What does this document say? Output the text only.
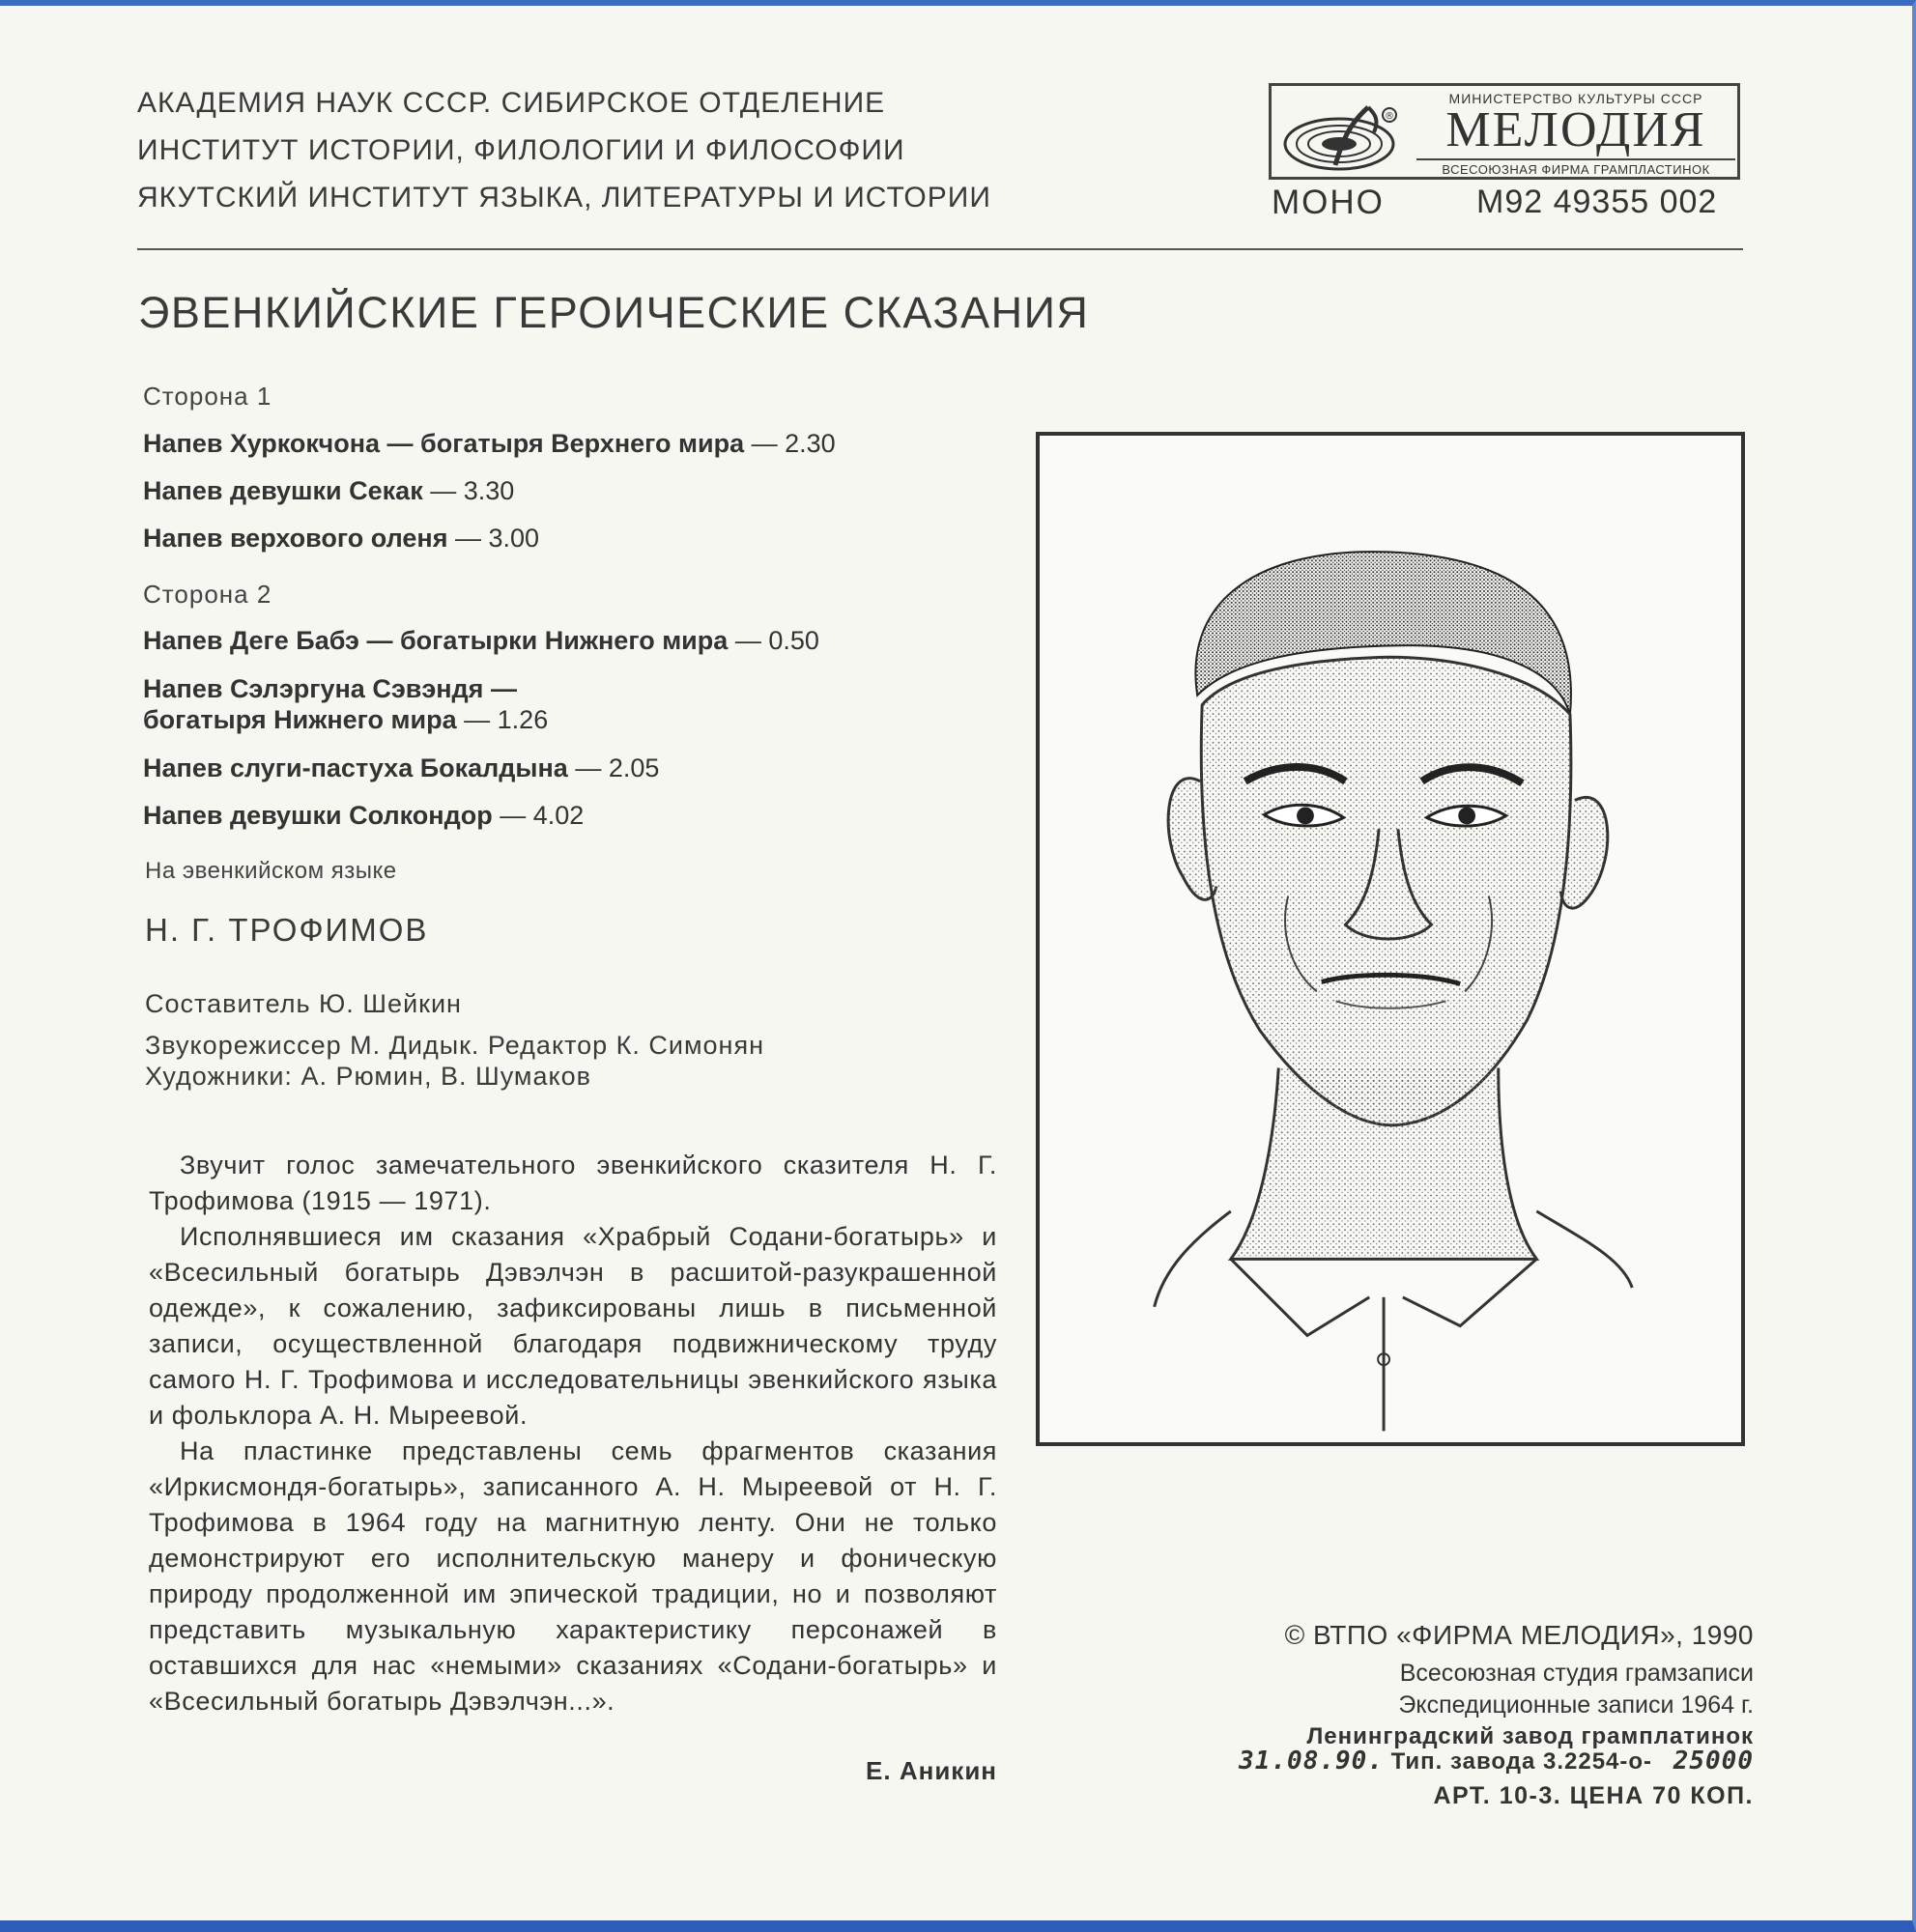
АКАДЕМИЯ НАУК СССР. СИБИРСКОЕ ОТДЕЛЕНИЕ
ИНСТИТУТ ИСТОРИИ, ФИЛОЛОГИИ И ФИЛОСОФИИ
ЯКУТСКИЙ ИНСТИТУТ ЯЗЫКА, ЛИТЕРАТУРЫ И ИСТОРИИ
®
МИНИСТЕРСТВО КУЛЬТУРЫ СССР
МЕЛОДИЯ
ВСЕСОЮЗНАЯ ФИРМА ГРАМПЛАСТИНОК
МОНО	М92 49355 002
ЭВЕНКИЙСКИЕ ГЕРОИЧЕСКИЕ СКАЗАНИЯ
Сторона 1
Напев Хуркокчона — богатыря Верхнего мира — 2.30
Напев девушки Секак — 3.30
Напев верхового оленя — 3.00
Сторона 2
Напев Деге Бабэ — богатырки Нижнего мира — 0.50
Напев Сэлэргуна Сэвэндя —
богатыря Нижнего мира — 1.26
Напев слуги-пастуха Бокалдына — 2.05
Напев девушки Солкондор — 4.02
На эвенкийском языке
Н. Г. ТРОФИМОВ
Составитель Ю. Шейкин
Звукорежиссер М. Дидык. Редактор К. Симонян
Художники: А. Рюмин, В. Шумаков

Звучит голос замечательного эвенкийского сказителя Н. Г. Трофимова (1915 — 1971).

Исполнявшиеся им сказания «Храбрый Содани-богатырь» и «Всесильный богатырь Дэвэлчэн в расшитой-разукрашенной одежде», к сожалению, зафиксированы лишь в письменной записи, осуществленной благодаря подвижническому труду самого Н. Г. Трофимова и исследовательницы эвенкийского языка и фольклора А. Н. Мыреевой.

На пластинке представлены семь фрагментов сказания «Иркисмондя-богатырь», записанного А. Н. Мыреевой от Н. Г. Трофимова в 1964 году на магнитную ленту. Они не только демонстрируют его исполнительскую манеру и фоническую природу продолженной им эпической традиции, но и позволяют представить музыкальную характеристику персонажей в оставшихся для нас «немыми» сказаниях «Содани-богатырь» и «Всесильный богатырь Дэвэлчэн...».

Е. Аникин
© ВТПО «ФИРМА МЕЛОДИЯ», 1990
Всесоюзная студия грамзаписи
Экспедиционные записи 1964 г.
Ленинградский завод грамплатинок
31.08.90. Тип. завода 3.2254-о- 25000
АРТ. 10-3. ЦЕНА 70 КОП.
